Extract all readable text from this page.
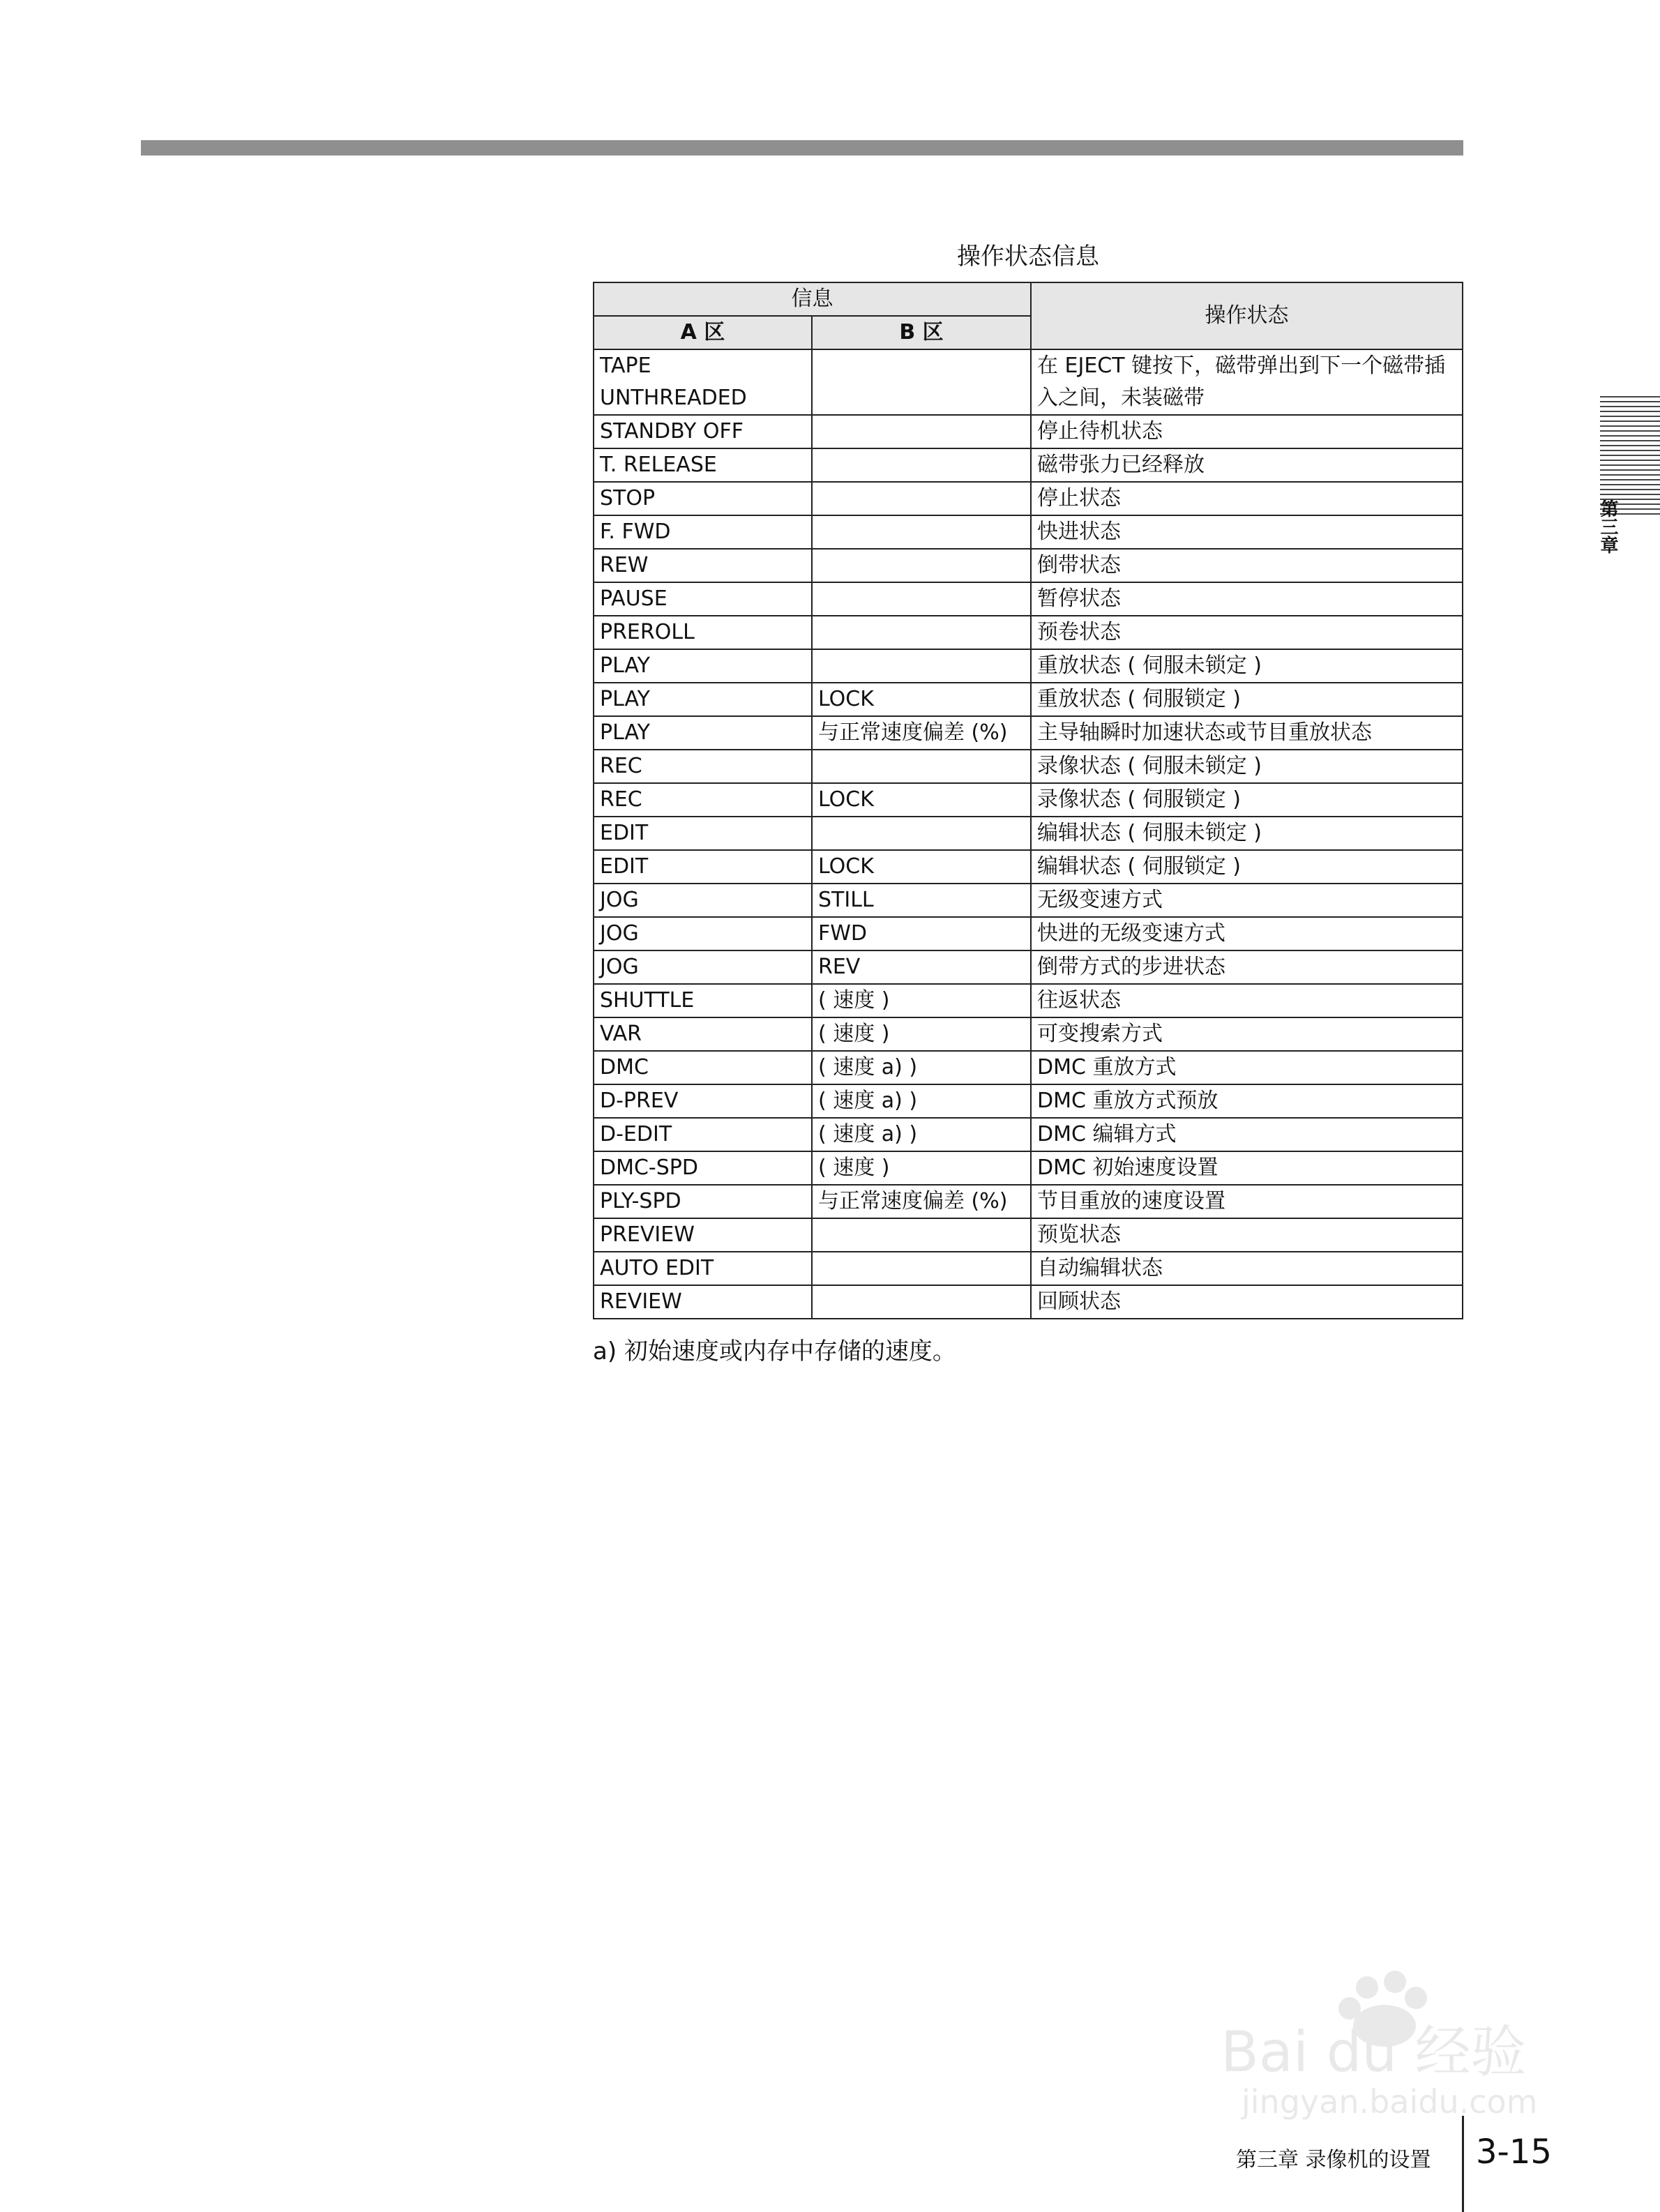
操作状态信息
信息		操作状态
A 区	B 区	
TAPE
UNTHREADED		在 EJECT 键按下，磁带弹出到下一个磁带插入之间，未装磁带
STANDBY OFF		停止待机状态
T. RELEASE		磁带张力已经释放
STOP		停止状态
F. FWD		快进状态
REW		倒带状态
PAUSE		暂停状态
PREROLL		预卷状态
PLAY		重放状态 ( 伺服未锁定 )
PLAY	LOCK	重放状态 ( 伺服锁定 )
PLAY	与正常速度偏差 (%)	主导轴瞬时加速状态或节目重放状态
REC		录像状态 ( 伺服未锁定 )
REC	LOCK	录像状态 ( 伺服锁定 )
EDIT		编辑状态 ( 伺服未锁定 )
EDIT	LOCK	编辑状态 ( 伺服锁定 )
JOG	STILL	无级变速方式
JOG	FWD	快进的无级变速方式
JOG	REV	倒带方式的步进状态
SHUTTLE	( 速度 )	往返状态
VAR	( 速度 )	可变搜索方式
DMC	( 速度 a) )	DMC 重放方式
D-PREV	( 速度 a) )	DMC 重放方式预放
D-EDIT	( 速度 a) )	DMC 编辑方式
DMC-SPD	( 速度 )	DMC 初始速度设置
PLY-SPD	与正常速度偏差 (%)	节目重放的速度设置
PREVIEW		预览状态
AUTO EDIT		自动编辑状态
REVIEW		回顾状态
a) 初始速度或内存中存储的速度。
第三章
第三章 录像机的设置 3-15
Bai du 经验
jingyan.baidu.com
